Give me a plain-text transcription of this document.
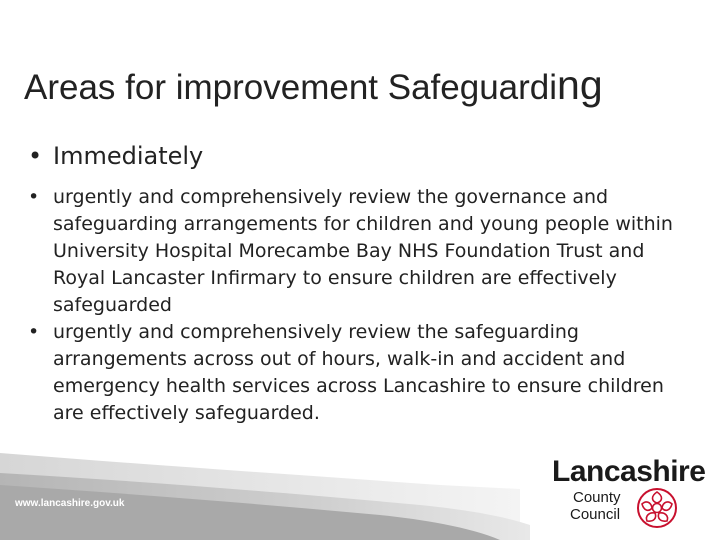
Areas for improvement Safeguarding
• Immediately
• urgently and comprehensively review the governance and safeguarding arrangements for children and young people within University Hospital Morecambe Bay NHS Foundation Trust and Royal Lancaster Infirmary to ensure children are effectively safeguarded
• urgently and comprehensively review the safeguarding arrangements across out of hours, walk-in and accident and emergency health services across Lancashire to ensure children are effectively safeguarded.
www.lancashire.gov.uk
Lancashire
County
Council
